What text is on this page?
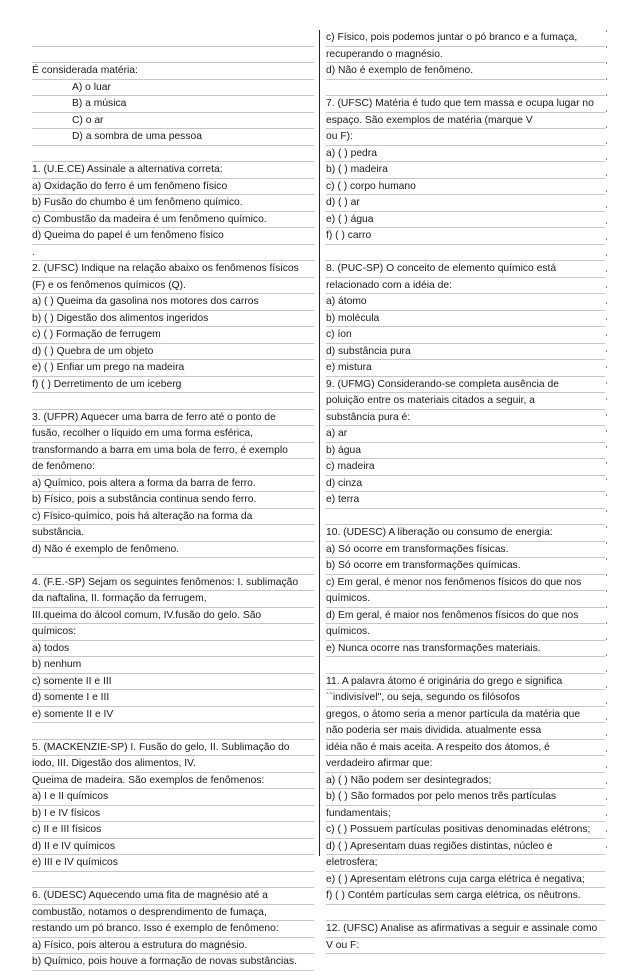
É considerada matéria:
A) o luar
B) a música
C) o ar
D) a sombra de uma pessoa
1. (U.E.CE) Assinale a alternativa correta:
a) Oxidação do ferro é um fenômeno físico
b) Fusão do chumbo é um fenômeno químico.
c) Combustão da madeira é um fenômeno químico.
d) Queima do papel é um fenômeno físico
.
2. (UFSC) Indique na relação abaixo os fenômenos físicos
(F) e os fenômenos químicos (Q).
a) ( ) Queima da gasolina nos motores dos carros
b) ( ) Digestão dos alimentos ingeridos
c) ( ) Formação de ferrugem
d) ( ) Quebra de um objeto
e) ( ) Enfiar um prego na madeira
f) ( ) Derretimento de um iceberg
3. (UFPR) Aquecer uma barra de ferro até o ponto de
fusão, recolher o líquido em uma forma esférica,
transformando a barra em uma bola de ferro, é exemplo
de fenômeno:
a) Químico, pois altera a forma da barra de ferro.
b) Físico, pois a substância continua sendo ferro.
c) Físico-químico, pois há alteração na forma da
substância.
d) Não é exemplo de fenômeno.
4. (F.E.-SP) Sejam os seguintes fenômenos: I. sublimação
da naftalina, II. formação da ferrugem,
III.queima do álcool comum, IV.fusão do gelo. São
químicos:
a) todos
b) nenhum
c) somente II e III
d) somente I e III
e) somente II e IV
5. (MACKENZIE-SP) I. Fusão do gelo, II. Sublimação do
iodo, III. Digestão dos alimentos, IV.
Queima de madeira. São exemplos de fenômenos:
a) I e II químicos
b) I e IV físicos
c) II e III físicos
d) II e IV químicos
e) III e IV químicos
6. (UDESC) Aquecendo uma fita de magnésio até a
combustão, notamos o desprendimento de fumaça,
restando um pó branco. Isso é exemplo de fenômeno:
a) Físico, pois alterou a estrutura do magnésio.
b) Químico, pois houve a formação de novas substâncias.
c) Físico, pois podemos juntar o pó branco e a fumaça,
recuperando o magnésio.
d) Não é exemplo de fenômeno.
7. (UFSC) Matéria é tudo que tem massa e ocupa lugar no
espaço. São exemplos de matéria (marque V
ou F):
a) ( ) pedra
b) ( ) madeira
c) ( ) corpo humano
d) ( ) ar
e) ( ) água
f) ( ) carro
8. (PUC-SP) O conceito de elemento químico está
relacionado com a idéia de:
a) átomo
b) molécula
c) íon
d) substância pura
e) mistura
9. (UFMG) Considerando-se completa ausência de
poluição entre os materiais citados a seguir, a
substância pura é:
a) ar
b) água
c) madeira
d) cinza
e) terra
10. (UDESC) A liberação ou consumo de energia:
a) Só ocorre em transformações físicas.
b) Só ocorre em transformações químicas.
c) Em geral, é menor nos fenômenos físicos do que nos
químicos.
d) Em geral, é maior nos fenômenos físicos do que nos
químicos.
e) Nunca ocorre nas transformações materiais.
11. A palavra átomo é originária do grego e significa
``indivisível'', ou seja, segundo os filósofos
gregos, o átomo seria a menor partícula da matéria que
não poderia ser mais dividida. atualmente essa
idéia não é mais aceita. A respeito dos átomos, é
verdadeiro afirmar que:
a) ( ) Não podem ser desintegrados;
b) ( ) São formados por pelo menos três partículas
fundamentais;
c) ( ) Possuem partículas positivas denominadas elétrons;
d) ( ) Apresentam duas regiões distintas, núcleo e
eletrosfera;
e) ( ) Apresentam elétrons cuja carga elétrica é negativa;
f) ( ) Contém partículas sem carga elétrica, os nêutrons.
12. (UFSC) Analise as afirmativas a seguir e assinale como
V ou F:
